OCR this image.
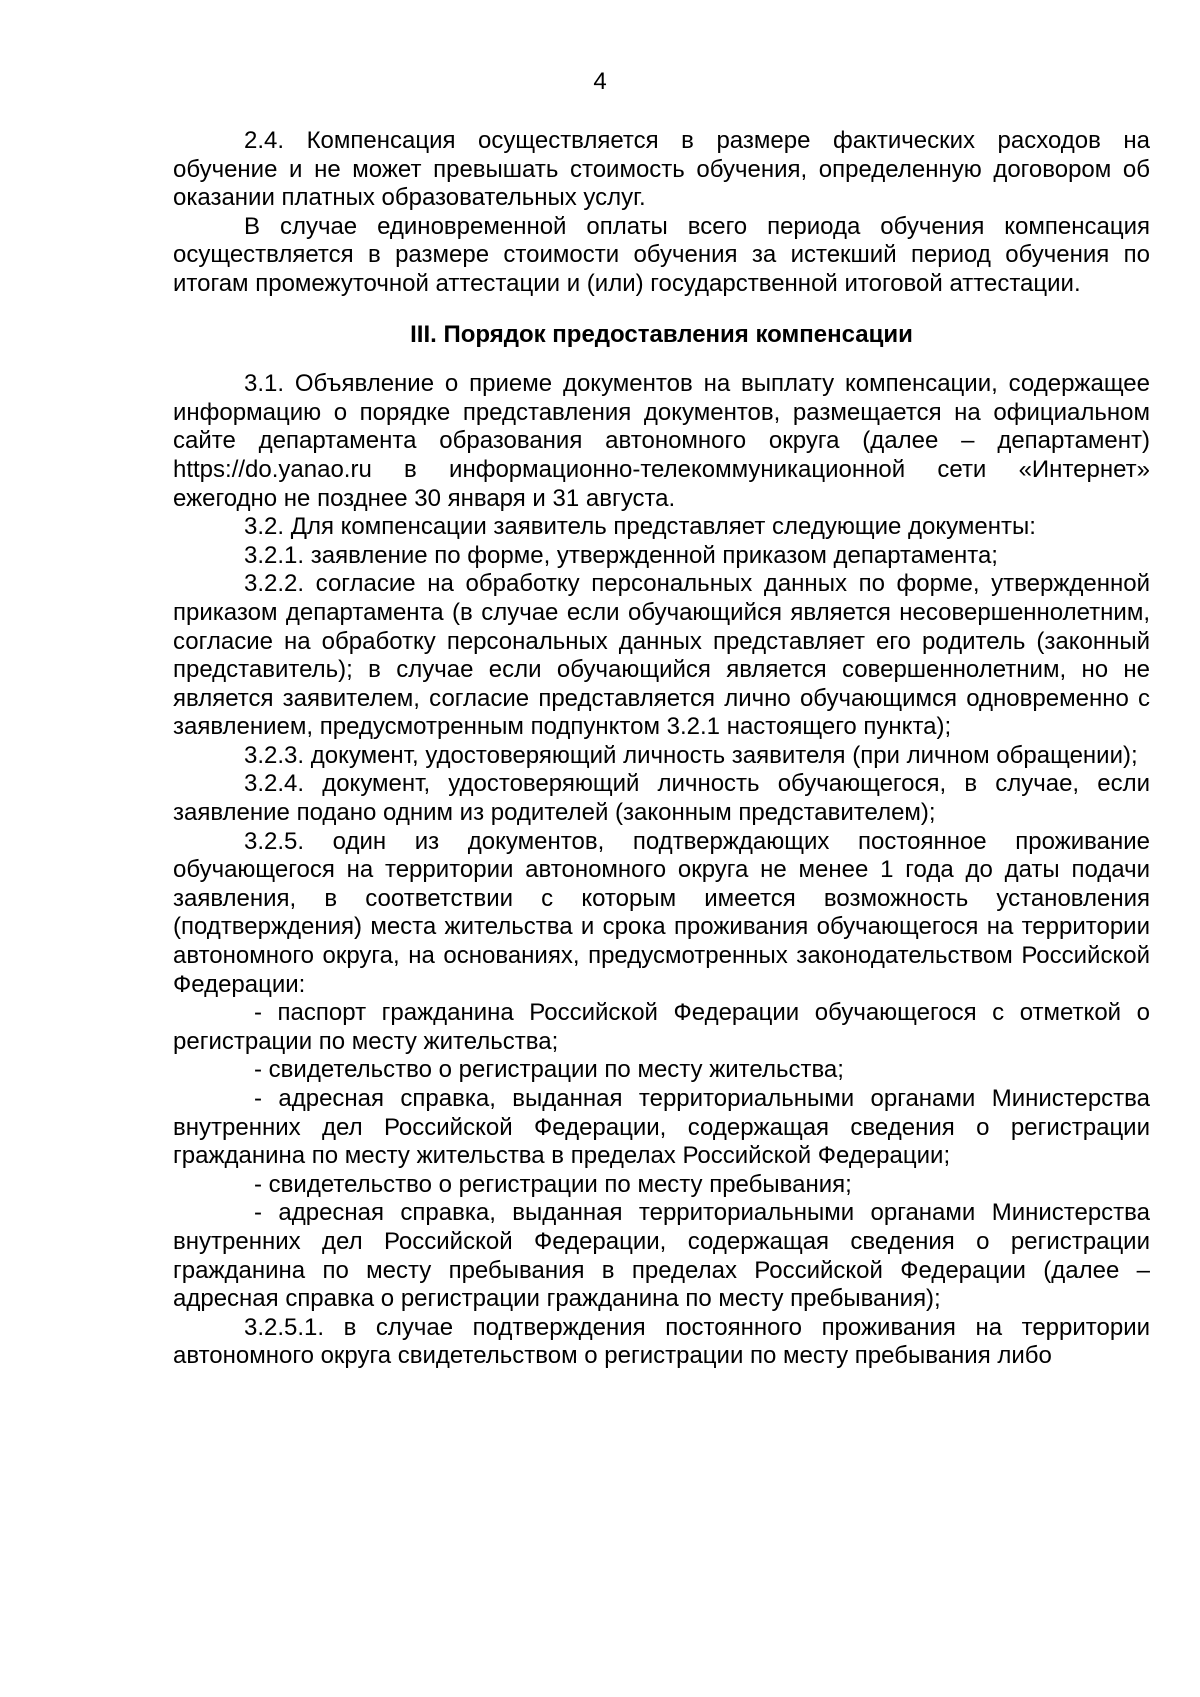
4

2.4. Компенсация осуществляется в размере фактических расходов на обучение и не может превышать стоимость обучения, определенную договором об оказании платных образовательных услуг.

В случае единовременной оплаты всего периода обучения компенсация осуществляется в размере стоимости обучения за истекший период обучения по итогам промежуточной аттестации и (или) государственной итоговой аттестации.

III. Порядок предоставления компенсации

3.1. Объявление о приеме документов на выплату компенсации, содержащее информацию о порядке представления документов, размещается на официальном сайте департамента образования автономного округа (далее – департамент) https://do.yanao.ru в информационно-телекоммуникационной сети «Интернет» ежегодно не позднее 30 января и 31 августа.

3.2. Для компенсации заявитель представляет следующие документы:

3.2.1. заявление по форме, утвержденной приказом департамента;

3.2.2. согласие на обработку персональных данных по форме, утвержденной приказом департамента (в случае если обучающийся является несовершеннолетним, согласие на обработку персональных данных представляет его родитель (законный представитель); в случае если обучающийся является совершеннолетним, но не является заявителем, согласие представляется лично обучающимся одновременно с заявлением, предусмотренным подпунктом 3.2.1 настоящего пункта);

3.2.3. документ, удостоверяющий личность заявителя (при личном обращении);

3.2.4. документ, удостоверяющий личность обучающегося, в случае, если заявление подано одним из родителей (законным представителем);

3.2.5. один из документов, подтверждающих постоянное проживание обучающегося на территории автономного округа не менее 1 года до даты подачи заявления, в соответствии с которым имеется возможность установления (подтверждения) места жительства и срока проживания обучающегося на территории автономного округа, на основаниях, предусмотренных законодательством Российской Федерации:

- паспорт гражданина Российской Федерации обучающегося с отметкой о регистрации по месту жительства;

- свидетельство о регистрации по месту жительства;

- адресная справка, выданная территориальными органами Министерства внутренних дел Российской Федерации, содержащая сведения о регистрации гражданина по месту жительства в пределах Российской Федерации;

- свидетельство о регистрации по месту пребывания;

- адресная справка, выданная территориальными органами Министерства внутренних дел Российской Федерации, содержащая сведения о регистрации гражданина по месту пребывания в пределах Российской Федерации (далее – адресная справка о регистрации гражданина по месту пребывания);

3.2.5.1. в случае подтверждения постоянного проживания на территории автономного округа свидетельством о регистрации по месту пребывания либо
